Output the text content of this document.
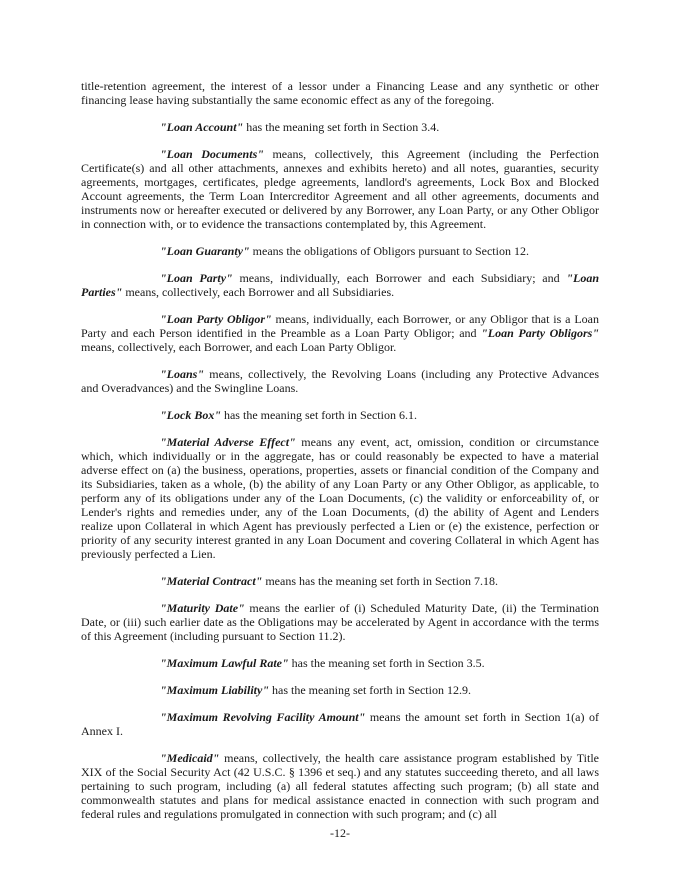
title-retention agreement, the interest of a lessor under a Financing Lease and any synthetic or other financing lease having substantially the same economic effect as any of the foregoing.

"Loan Account" has the meaning set forth in Section 3.4.

"Loan Documents" means, collectively, this Agreement (including the Perfection Certificate(s) and all other attachments, annexes and exhibits hereto) and all notes, guaranties, security agreements, mortgages, certificates, pledge agreements, landlord's agreements, Lock Box and Blocked Account agreements, the Term Loan Intercreditor Agreement and all other agreements, documents and instruments now or hereafter executed or delivered by any Borrower, any Loan Party, or any Other Obligor in connection with, or to evidence the transactions contemplated by, this Agreement.

"Loan Guaranty" means the obligations of Obligors pursuant to Section 12.

"Loan Party" means, individually, each Borrower and each Subsidiary; and "Loan Parties" means, collectively, each Borrower and all Subsidiaries.

"Loan Party Obligor" means, individually, each Borrower, or any Obligor that is a Loan Party and each Person identified in the Preamble as a Loan Party Obligor; and "Loan Party Obligors" means, collectively, each Borrower, and each Loan Party Obligor.

"Loans" means, collectively, the Revolving Loans (including any Protective Advances and Overadvances) and the Swingline Loans.

"Lock Box" has the meaning set forth in Section 6.1.

"Material Adverse Effect" means any event, act, omission, condition or circumstance which, which individually or in the aggregate, has or could reasonably be expected to have a material adverse effect on (a) the business, operations, properties, assets or financial condition of the Company and its Subsidiaries, taken as a whole, (b) the ability of any Loan Party or any Other Obligor, as applicable, to perform any of its obligations under any of the Loan Documents, (c) the validity or enforceability of, or Lender's rights and remedies under, any of the Loan Documents, (d) the ability of Agent and Lenders realize upon Collateral in which Agent has previously perfected a Lien or (e) the existence, perfection or priority of any security interest granted in any Loan Document and covering Collateral in which Agent has previously perfected a Lien.

"Material Contract" means has the meaning set forth in Section 7.18.

"Maturity Date" means the earlier of (i) Scheduled Maturity Date, (ii) the Termination Date, or (iii) such earlier date as the Obligations may be accelerated by Agent in accordance with the terms of this Agreement (including pursuant to Section 11.2).

"Maximum Lawful Rate" has the meaning set forth in Section 3.5.

"Maximum Liability" has the meaning set forth in Section 12.9.

"Maximum Revolving Facility Amount" means the amount set forth in Section 1(a) of Annex I.

"Medicaid" means, collectively, the health care assistance program established by Title XIX of the Social Security Act (42 U.S.C. § 1396 et seq.) and any statutes succeeding thereto, and all laws pertaining to such program, including (a) all federal statutes affecting such program; (b) all state and commonwealth statutes and plans for medical assistance enacted in connection with such program and federal rules and regulations promulgated in connection with such program; and (c) all

-12-
